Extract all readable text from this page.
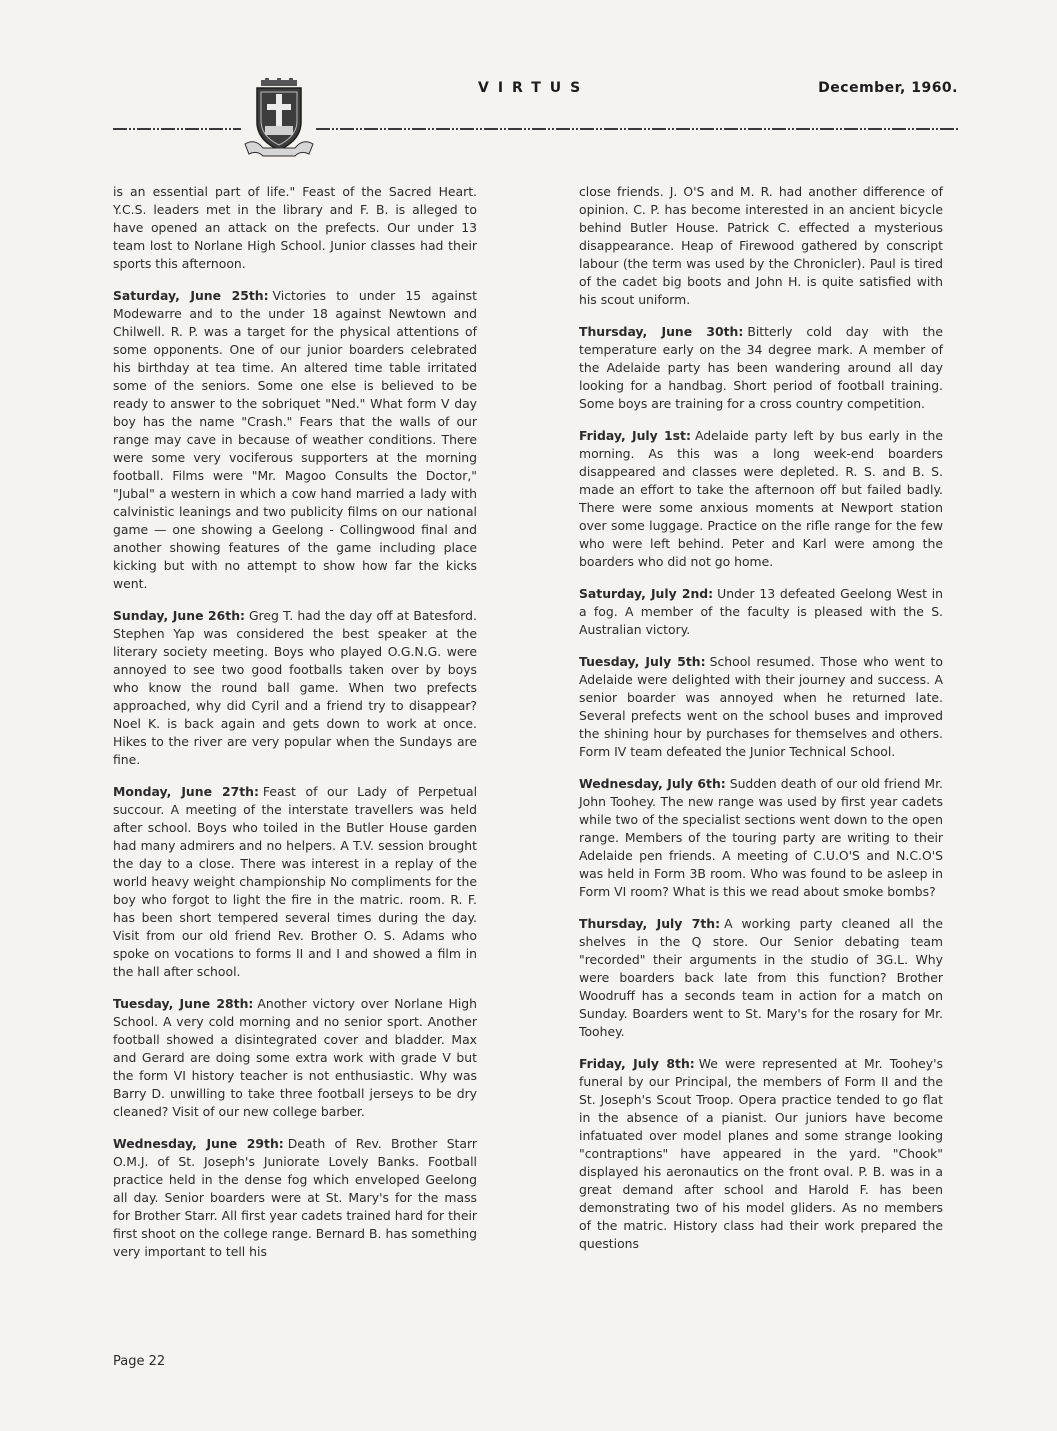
VIRTUS	December, 1960.

is an essential part of life." Feast of the Sacred Heart. Y.C.S. leaders met in the library and F. B. is alleged to have opened an attack on the prefects. Our under 13 team lost to Norlane High School. Junior classes had their sports this afternoon.

Saturday, June 25th: Victories to under 15 against Modewarre and to the under 18 against Newtown and Chilwell. R. P. was a target for the physical attentions of some opponents. One of our junior boarders celebrated his birthday at tea time. An altered time table irritated some of the seniors. Some one else is believed to be ready to answer to the sobriquet "Ned." What form V day boy has the name "Crash." Fears that the walls of our range may cave in because of weather conditions. There were some very vociferous supporters at the morning football. Films were "Mr. Magoo Consults the Doctor," "Jubal" a western in which a cow hand married a lady with calvinistic leanings and two publicity films on our national game — one showing a Geelong - Collingwood final and another showing features of the game including place kicking but with no attempt to show how far the kicks went.

Sunday, June 26th: Greg T. had the day off at Batesford. Stephen Yap was considered the best speaker at the literary society meeting. Boys who played O.G.N.G. were annoyed to see two good footballs taken over by boys who know the round ball game. When two prefects approached, why did Cyril and a friend try to disappear? Noel K. is back again and gets down to work at once. Hikes to the river are very popular when the Sundays are fine.

Monday, June 27th: Feast of our Lady of Perpetual succour. A meeting of the interstate travellers was held after school. Boys who toiled in the Butler House garden had many admirers and no helpers. A T.V. session brought the day to a close. There was interest in a replay of the world heavy weight championship No compliments for the boy who forgot to light the fire in the matric. room. R. F. has been short tempered several times during the day. Visit from our old friend Rev. Brother O. S. Adams who spoke on vocations to forms II and I and showed a film in the hall after school.

Tuesday, June 28th: Another victory over Norlane High School. A very cold morning and no senior sport. Another football showed a disintegrated cover and bladder. Max and Gerard are doing some extra work with grade V but the form VI history teacher is not enthusiastic. Why was Barry D. unwilling to take three football jerseys to be dry cleaned? Visit of our new college barber.

Wednesday, June 29th: Death of Rev. Brother Starr O.M.J. of St. Joseph's Juniorate Lovely Banks. Football practice held in the dense fog which enveloped Geelong all day. Senior boarders were at St. Mary's for the mass for Brother Starr. All first year cadets trained hard for their first shoot on the college range. Bernard B. has something very important to tell his

close friends. J. O'S and M. R. had another difference of opinion. C. P. has become interested in an ancient bicycle behind Butler House. Patrick C. effected a mysterious disappearance. Heap of Firewood gathered by conscript labour (the term was used by the Chronicler). Paul is tired of the cadet big boots and John H. is quite satisfied with his scout uniform.

Thursday, June 30th: Bitterly cold day with the temperature early on the 34 degree mark. A member of the Adelaide party has been wandering around all day looking for a handbag. Short period of football training. Some boys are training for a cross country competition.

Friday, July 1st: Adelaide party left by bus early in the morning. As this was a long week-end boarders disappeared and classes were depleted. R. S. and B. S. made an effort to take the afternoon off but failed badly. There were some anxious moments at Newport station over some luggage. Practice on the rifle range for the few who were left behind. Peter and Karl were among the boarders who did not go home.

Saturday, July 2nd: Under 13 defeated Geelong West in a fog. A member of the faculty is pleased with the S. Australian victory.

Tuesday, July 5th: School resumed. Those who went to Adelaide were delighted with their journey and success. A senior boarder was annoyed when he returned late. Several prefects went on the school buses and improved the shining hour by purchases for themselves and others. Form IV team defeated the Junior Technical School.

Wednesday, July 6th: Sudden death of our old friend Mr. John Toohey. The new range was used by first year cadets while two of the specialist sections went down to the open range. Members of the touring party are writing to their Adelaide pen friends. A meeting of C.U.O'S and N.C.O'S was held in Form 3B room. Who was found to be asleep in Form VI room? What is this we read about smoke bombs?

Thursday, July 7th: A working party cleaned all the shelves in the Q store. Our Senior debating team "recorded" their arguments in the studio of 3G.L. Why were boarders back late from this function? Brother Woodruff has a seconds team in action for a match on Sunday. Boarders went to St. Mary's for the rosary for Mr. Toohey.

Friday, July 8th: We were represented at Mr. Toohey's funeral by our Principal, the members of Form II and the St. Joseph's Scout Troop. Opera practice tended to go flat in the absence of a pianist. Our juniors have become infatuated over model planes and some strange looking "contraptions" have appeared in the yard. "Chook" displayed his aeronautics on the front oval. P. B. was in a great demand after school and Harold F. has been demonstrating two of his model gliders. As no members of the matric. History class had their work prepared the questions

Page 22
